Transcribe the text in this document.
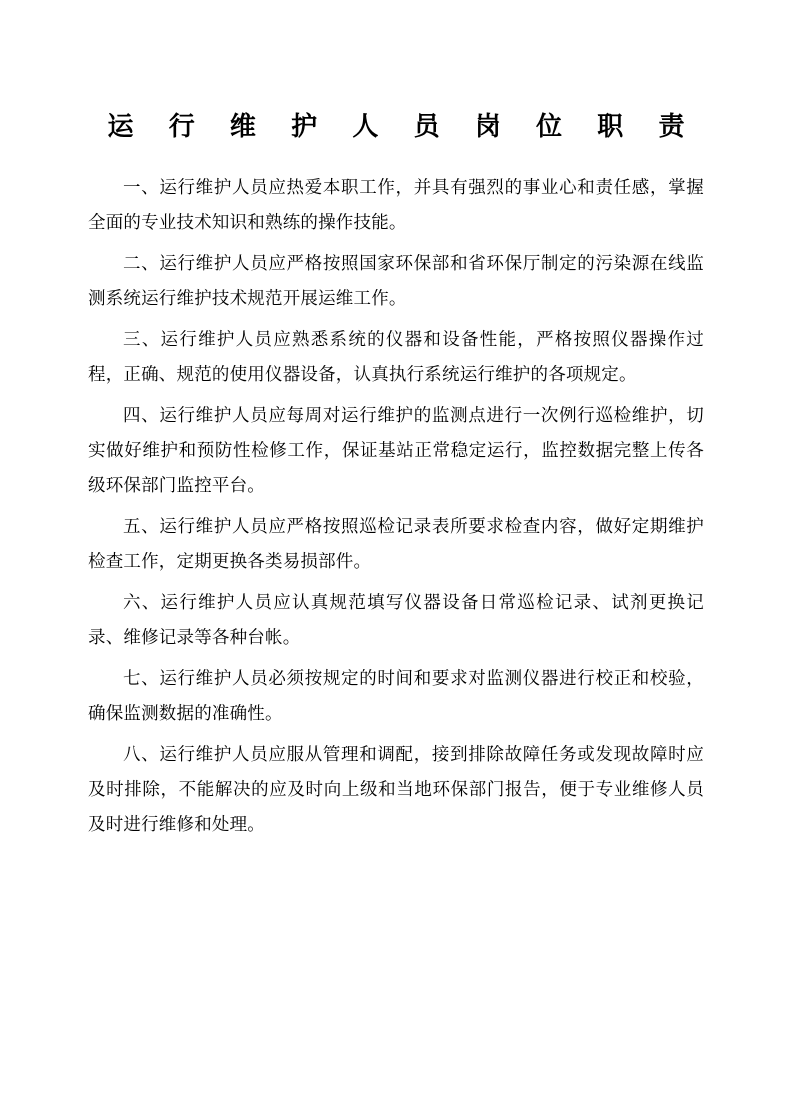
运 行 维 护 人 员 岗 位 职 责

一、运行维护人员应热爱本职工作，并具有强烈的事业心和责任感，掌握全面的专业技术知识和熟练的操作技能。

二、运行维护人员应严格按照国家环保部和省环保厅制定的污染源在线监测系统运行维护技术规范开展运维工作。

三、运行维护人员应熟悉系统的仪器和设备性能，严格按照仪器操作过程，正确、规范的使用仪器设备，认真执行系统运行维护的各项规定。

四、运行维护人员应每周对运行维护的监测点进行一次例行巡检维护，切实做好维护和预防性检修工作，保证基站正常稳定运行，监控数据完整上传各级环保部门监控平台。

五、运行维护人员应严格按照巡检记录表所要求检查内容，做好定期维护检查工作，定期更换各类易损部件。

六、运行维护人员应认真规范填写仪器设备日常巡检记录、试剂更换记录、维修记录等各种台帐。

七、运行维护人员必须按规定的时间和要求对监测仪器进行校正和校验，确保监测数据的准确性。

八、运行维护人员应服从管理和调配，接到排除故障任务或发现故障时应及时排除，不能解决的应及时向上级和当地环保部门报告，便于专业维修人员及时进行维修和处理。
